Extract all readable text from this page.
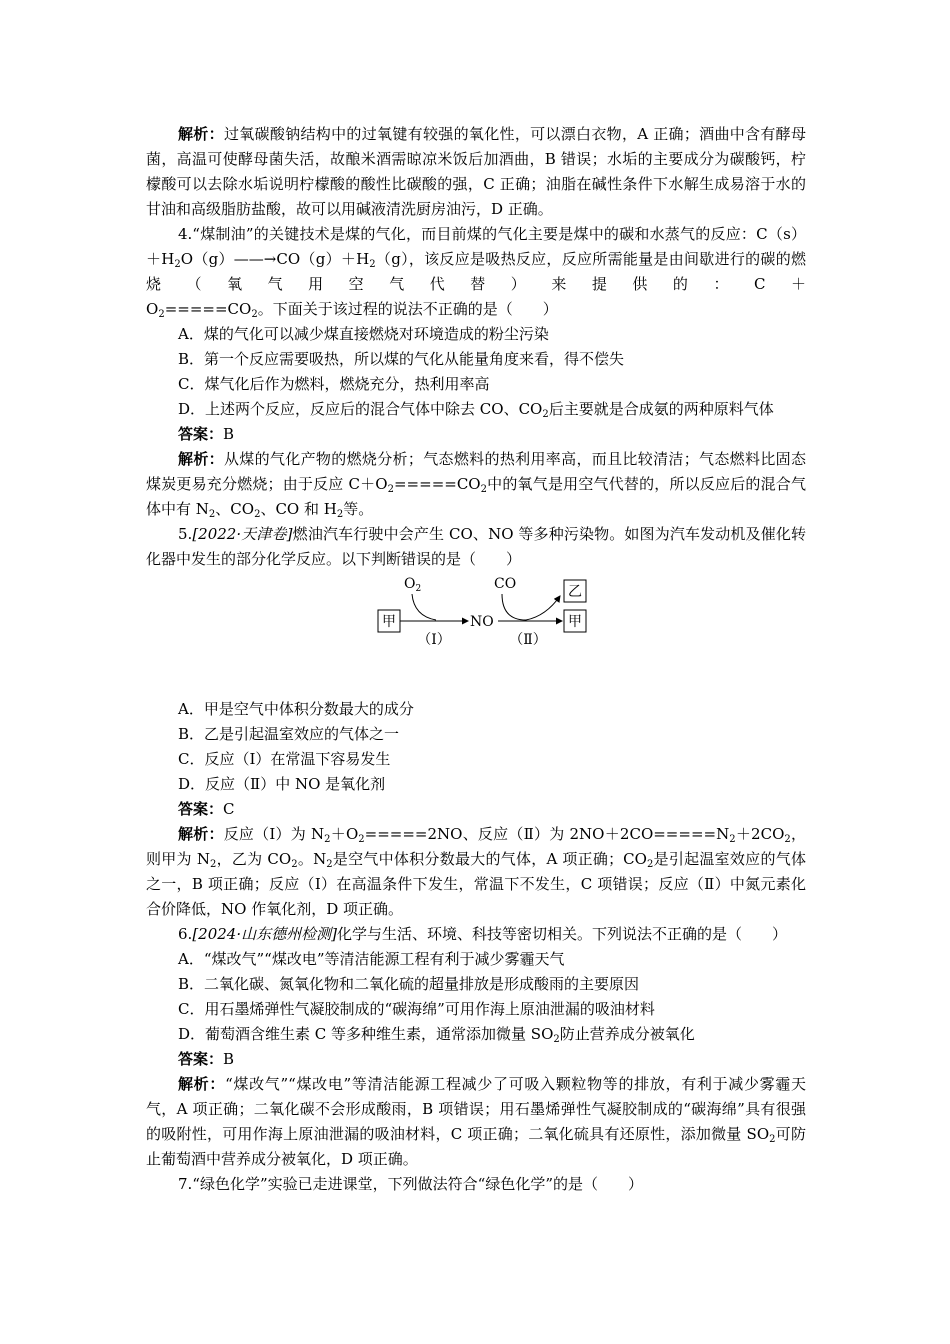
解析：过氧碳酸钠结构中的过氧键有较强的氧化性，可以漂白衣物，A 正确；酒曲中含有酵母菌，高温可使酵母菌失活，故酿米酒需晾凉米饭后加酒曲，B 错误；水垢的主要成分为碳酸钙，柠檬酸可以去除水垢说明柠檬酸的酸性比碳酸的强，C 正确；油脂在碱性条件下水解生成易溶于水的甘油和高级脂肪盐酸，故可以用碱液清洗厨房油污，D 正确。

4.“煤制油”的关键技术是煤的气化，而目前煤的气化主要是煤中的碳和水蒸气的反应：$C(s)+H_2O(g)——\to CO(g)+H_2(g)$，该反应是吸热反应，反应所需能量是由间歇进行的碳的燃烧（氧气用空气代替）来提供的：$C+O_2=====CO_2$。下面关于该过程的说法不正确的是（　　）

A．煤的气化可以减少煤直接燃烧对环境造成的粉尘污染

B．第一个反应需要吸热，所以煤的气化从能量角度来看，得不偿失

C．煤气化后作为燃料，燃烧充分，热利用率高

D．上述两个反应，反应后的混合气体中除去 CO、$CO_2$后主要就是合成氨的两种原料气体

答案：B

解析：从煤的气化产物的燃烧分析；气态燃料的热利用率高，而且比较清洁；气态燃料比固态煤炭更易充分燃烧；由于反应 $C+O_2=====CO_2$中的氧气是用空气代替的，所以反应后的混合气体中有 $N_2$、$CO_2$、CO 和 $H_2$等。

5.[2022·天津卷]燃油汽车行驶中会产生 CO、NO 等多种污染物。如图为汽车发动机及催化转化器中发生的部分化学反应。以下判断错误的是（　　）

甲
$O_2$
（Ⅰ）
NO
CO
（Ⅱ）
乙
甲

A．甲是空气中体积分数最大的成分

B．乙是引起温室效应的气体之一

C．反应（Ⅰ）在常温下容易发生

D．反应（Ⅱ）中 NO 是氧化剂

答案：C

解析：反应（Ⅰ）为 $N_2+O_2=====2NO$、反应（Ⅱ）为 $2NO+2CO=====N_2+2CO_2$，则甲为 $N_2$，乙为 $CO_2$。$N_2$是空气中体积分数最大的气体，A 项正确；$CO_2$是引起温室效应的气体之一，B 项正确；反应（Ⅰ）在高温条件下发生，常温下不发生，C 项错误；反应（Ⅱ）中氮元素化合价降低，NO 作氧化剂，D 项正确。

6.[2024·山东德州检测]化学与生活、环境、科技等密切相关。下列说法不正确的是（　　）

A．“煤改气”“煤改电”等清洁能源工程有利于减少雾霾天气

B．二氧化碳、氮氧化物和二氧化硫的超量排放是形成酸雨的主要原因

C．用石墨烯弹性气凝胶制成的“碳海绵”可用作海上原油泄漏的吸油材料

D．葡萄酒含维生素 C 等多种维生素，通常添加微量 $SO_2$防止营养成分被氧化

答案：B

解析：“煤改气”“煤改电”等清洁能源工程减少了可吸入颗粒物等的排放，有利于减少雾霾天气，A 项正确；二氧化碳不会形成酸雨，B 项错误；用石墨烯弹性气凝胶制成的“碳海绵”具有很强的吸附性，可用作海上原油泄漏的吸油材料，C 项正确；二氧化硫具有还原性，添加微量 $SO_2$可防止葡萄酒中营养成分被氧化，D 项正确。

7.“绿色化学”实验已走进课堂，下列做法符合“绿色化学”的是（　　）
